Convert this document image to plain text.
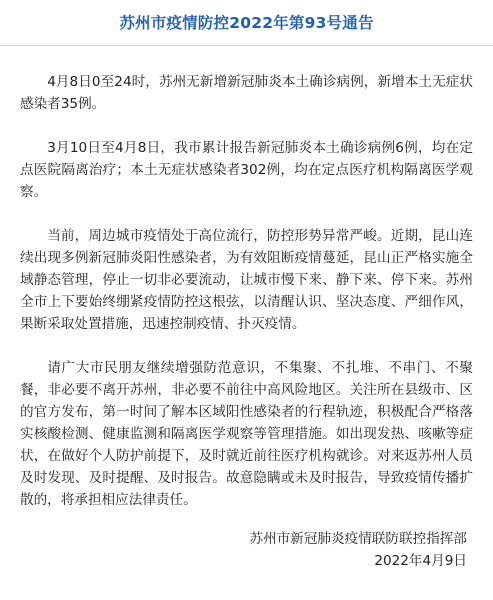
苏州市疫情防控2022年第93号通告

4月8日0至24时，苏州无新增新冠肺炎本土确诊病例，新增本土无症状感染者35例。

3月10日至4月8日，我市累计报告新冠肺炎本土确诊病例6例，均在定点医院隔离治疗；本土无症状感染者302例，均在定点医疗机构隔离医学观察。

当前，周边城市疫情处于高位流行，防控形势异常严峻。近期，昆山连续出现多例新冠肺炎阳性感染者，为有效阻断疫情蔓延，昆山正严格实施全域静态管理，停止一切非必要流动，让城市慢下来、静下来、停下来。苏州全市上下要始终绷紧疫情防控这根弦，以清醒认识、坚决态度、严细作风，果断采取处置措施，迅速控制疫情、扑灭疫情。

请广大市民朋友继续增强防范意识，不集聚、不扎堆、不串门、不聚餐，非必要不离开苏州，非必要不前往中高风险地区。关注所在县级市、区的官方发布，第一时间了解本区域阳性感染者的行程轨迹，积极配合严格落实核酸检测、健康监测和隔离医学观察等管理措施。如出现发热、咳嗽等症状，在做好个人防护前提下，及时就近前往医疗机构就诊。对来返苏州人员及时发现、及时提醒、及时报告。故意隐瞒或未及时报告，导致疫情传播扩散的，将承担相应法律责任。

苏州市新冠肺炎疫情联防联控指挥部
2022年4月9日
